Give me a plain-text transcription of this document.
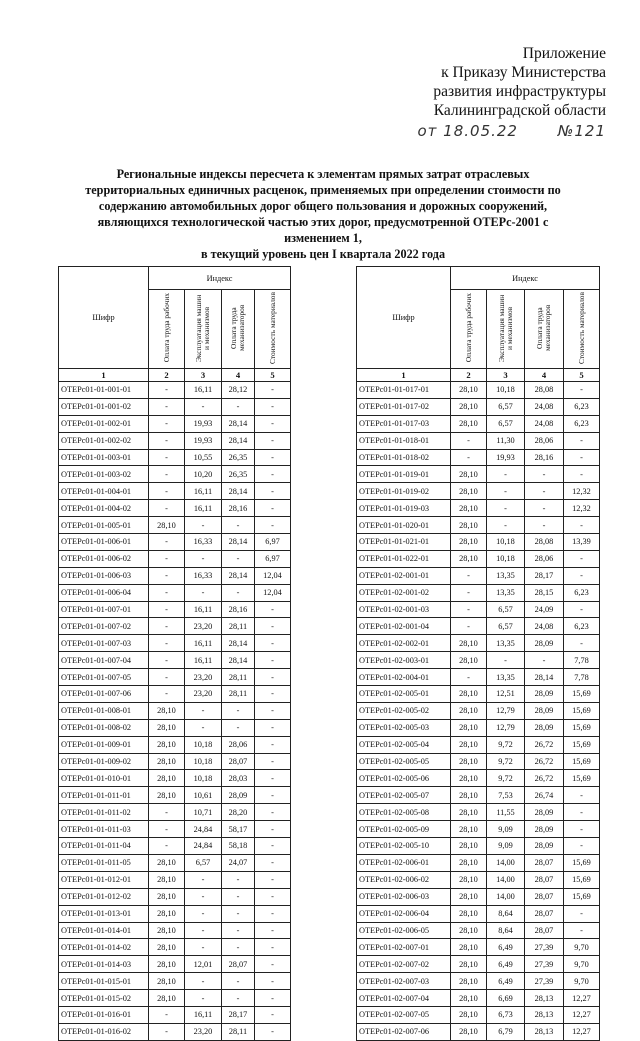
Приложение
к Приказу Министерства
развития инфраструктуры
Калининградской области
от 18.05.22	№121
Региональные индексы пересчета к элементам прямых затрат отраслевых
территориальных единичных расценок, применяемых при определении стоимости по
содержанию автомобильных дорог общего пользования и дорожных сооружений,
являющихся технологической частью этих дорог, предусмотренной ОТЕРс-2001 с
изменением 1,
в текущий уровень цен I квартала 2022 года
Шифр	Индекс			
	Оплата труда рабочих	Эксплуатация машин и механизмов	Оплата труда механизаторов	Стоимость материалов
1	2	3	4	5
ОТЕРс01-01-001-01	-	16,11	28,12	-
ОТЕРс01-01-001-02	-	-	-	-
ОТЕРс01-01-002-01	-	19,93	28,14	-
ОТЕРс01-01-002-02	-	19,93	28,14	-
ОТЕРс01-01-003-01	-	10,55	26,35	-
ОТЕРс01-01-003-02	-	10,20	26,35	-
ОТЕРс01-01-004-01	-	16,11	28,14	-
ОТЕРс01-01-004-02	-	16,11	28,16	-
ОТЕРс01-01-005-01	28,10	-	-	-
ОТЕРс01-01-006-01	-	16,33	28,14	6,97
ОТЕРс01-01-006-02	-	-	-	6,97
ОТЕРс01-01-006-03	-	16,33	28,14	12,04
ОТЕРс01-01-006-04	-	-	-	12,04
ОТЕРс01-01-007-01	-	16,11	28,16	-
ОТЕРс01-01-007-02	-	23,20	28,11	-
ОТЕРс01-01-007-03	-	16,11	28,14	-
ОТЕРс01-01-007-04	-	16,11	28,14	-
ОТЕРс01-01-007-05	-	23,20	28,11	-
ОТЕРс01-01-007-06	-	23,20	28,11	-
ОТЕРс01-01-008-01	28,10	-	-	-
ОТЕРс01-01-008-02	28,10	-	-	-
ОТЕРс01-01-009-01	28,10	10,18	28,06	-
ОТЕРс01-01-009-02	28,10	10,18	28,07	-
ОТЕРс01-01-010-01	28,10	10,18	28,03	-
ОТЕРс01-01-011-01	28,10	10,61	28,09	-
ОТЕРс01-01-011-02	-	10,71	28,20	-
ОТЕРс01-01-011-03	-	24,84	58,17	-
ОТЕРс01-01-011-04	-	24,84	58,18	-
ОТЕРс01-01-011-05	28,10	6,57	24,07	-
ОТЕРс01-01-012-01	28,10	-	-	-
ОТЕРс01-01-012-02	28,10	-	-	-
ОТЕРс01-01-013-01	28,10	-	-	-
ОТЕРс01-01-014-01	28,10	-	-	-
ОТЕРс01-01-014-02	28,10	-	-	-
ОТЕРс01-01-014-03	28,10	12,01	28,07	-
ОТЕРс01-01-015-01	28,10	-	-	-
ОТЕРс01-01-015-02	28,10	-	-	-
ОТЕРс01-01-016-01	-	16,11	28,17	-
ОТЕРс01-01-016-02	-	23,20	28,11	-
Шифр	Индекс			
	Оплата труда рабочих	Эксплуатация машин и механизмов	Оплата труда механизаторов	Стоимость материалов
1	2	3	4	5
ОТЕРс01-01-017-01	28,10	10,18	28,08	-
ОТЕРс01-01-017-02	28,10	6,57	24,08	6,23
ОТЕРс01-01-017-03	28,10	6,57	24,08	6,23
ОТЕРс01-01-018-01	-	11,30	28,06	-
ОТЕРс01-01-018-02	-	19,93	28,16	-
ОТЕРс01-01-019-01	28,10	-	-	-
ОТЕРс01-01-019-02	28,10	-	-	12,32
ОТЕРс01-01-019-03	28,10	-	-	12,32
ОТЕРс01-01-020-01	28,10	-	-	-
ОТЕРс01-01-021-01	28,10	10,18	28,08	13,39
ОТЕРс01-01-022-01	28,10	10,18	28,06	-
ОТЕРс01-02-001-01	-	13,35	28,17	-
ОТЕРс01-02-001-02	-	13,35	28,15	6,23
ОТЕРс01-02-001-03	-	6,57	24,09	-
ОТЕРс01-02-001-04	-	6,57	24,08	6,23
ОТЕРс01-02-002-01	28,10	13,35	28,09	-
ОТЕРс01-02-003-01	28,10	-	-	7,78
ОТЕРс01-02-004-01	-	13,35	28,14	7,78
ОТЕРс01-02-005-01	28,10	12,51	28,09	15,69
ОТЕРс01-02-005-02	28,10	12,79	28,09	15,69
ОТЕРс01-02-005-03	28,10	12,79	28,09	15,69
ОТЕРс01-02-005-04	28,10	9,72	26,72	15,69
ОТЕРс01-02-005-05	28,10	9,72	26,72	15,69
ОТЕРс01-02-005-06	28,10	9,72	26,72	15,69
ОТЕРс01-02-005-07	28,10	7,53	26,74	-
ОТЕРс01-02-005-08	28,10	11,55	28,09	-
ОТЕРс01-02-005-09	28,10	9,09	28,09	-
ОТЕРс01-02-005-10	28,10	9,09	28,09	-
ОТЕРс01-02-006-01	28,10	14,00	28,07	15,69
ОТЕРс01-02-006-02	28,10	14,00	28,07	15,69
ОТЕРс01-02-006-03	28,10	14,00	28,07	15,69
ОТЕРс01-02-006-04	28,10	8,64	28,07	-
ОТЕРс01-02-006-05	28,10	8,64	28,07	-
ОТЕРс01-02-007-01	28,10	6,49	27,39	9,70
ОТЕРс01-02-007-02	28,10	6,49	27,39	9,70
ОТЕРс01-02-007-03	28,10	6,49	27,39	9,70
ОТЕРс01-02-007-04	28,10	6,69	28,13	12,27
ОТЕРс01-02-007-05	28,10	6,73	28,13	12,27
ОТЕРс01-02-007-06	28,10	6,79	28,13	12,27
